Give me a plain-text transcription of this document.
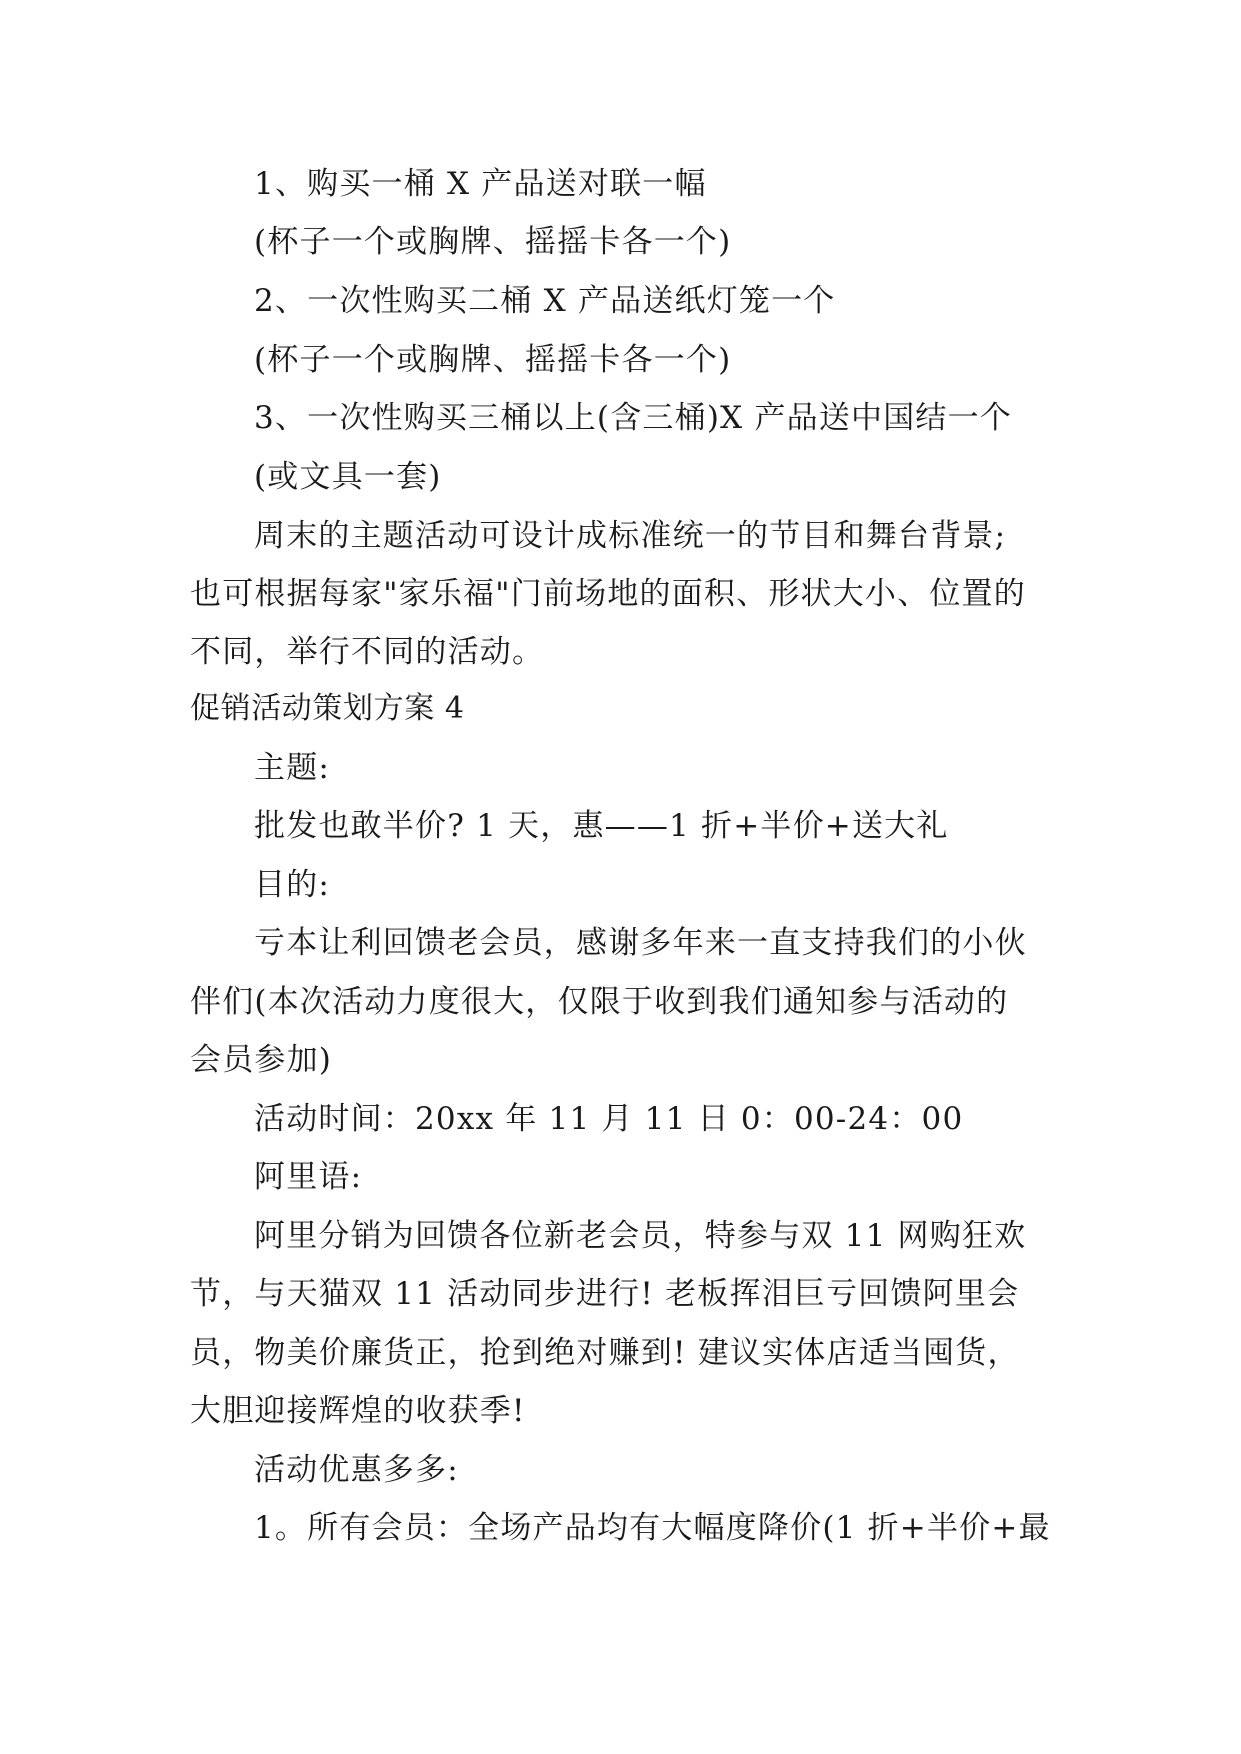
1、购买一桶 X 产品送对联一幅
(杯子一个或胸牌、摇摇卡各一个)
2、一次性购买二桶 X 产品送纸灯笼一个
(杯子一个或胸牌、摇摇卡各一个)
3、一次性购买三桶以上(含三桶)X 产品送中国结一个
(或文具一套)
周末的主题活动可设计成标准统一的节目和舞台背景;
也可根据每家"家乐福"门前场地的面积、形状大小、位置的
不同，举行不同的活动。
促销活动策划方案 4
主题:
批发也敢半价? 1 天，惠——1 折+半价+送大礼
目的:
亏本让利回馈老会员，感谢多年来一直支持我们的小伙
伴们(本次活动力度很大，仅限于收到我们通知参与活动的
会员参加)
活动时间：20xx 年 11 月 11 日 0：00-24：00
阿里语:
阿里分销为回馈各位新老会员，特参与双 11 网购狂欢
节，与天猫双 11 活动同步进行! 老板挥泪巨亏回馈阿里会
员，物美价廉货正，抢到绝对赚到! 建议实体店适当囤货，
大胆迎接辉煌的收获季!
活动优惠多多:
1。所有会员：全场产品均有大幅度降价(1 折+半价+最
